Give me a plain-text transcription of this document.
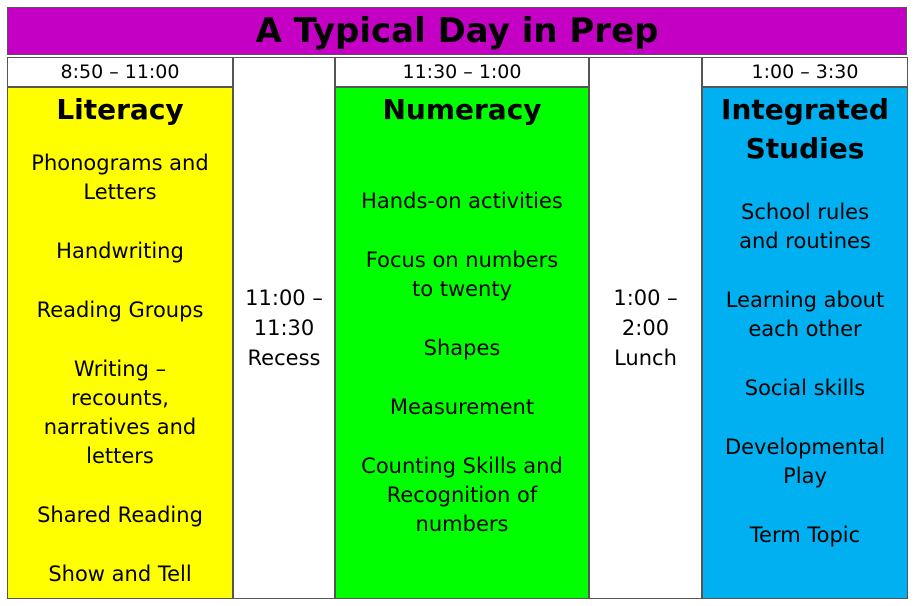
A Typical Day in Prep
8:50 – 11:00
Literacy

Phonograms and Letters

Handwriting

Reading Groups

Writing – recounts, narratives and letters

Shared Reading

Show and Tell

11:00 –
11:30
Recess
11:30 – 1:00
Numeracy

Hands-on activities

Focus on numbers to twenty

Shapes

Measurement

Counting Skills and Recognition of numbers

1:00 –
2:00
Lunch
1:00 – 3:30
Integrated Studies

School rules and routines

Learning about each other

Social skills

Developmental Play

Term Topic
